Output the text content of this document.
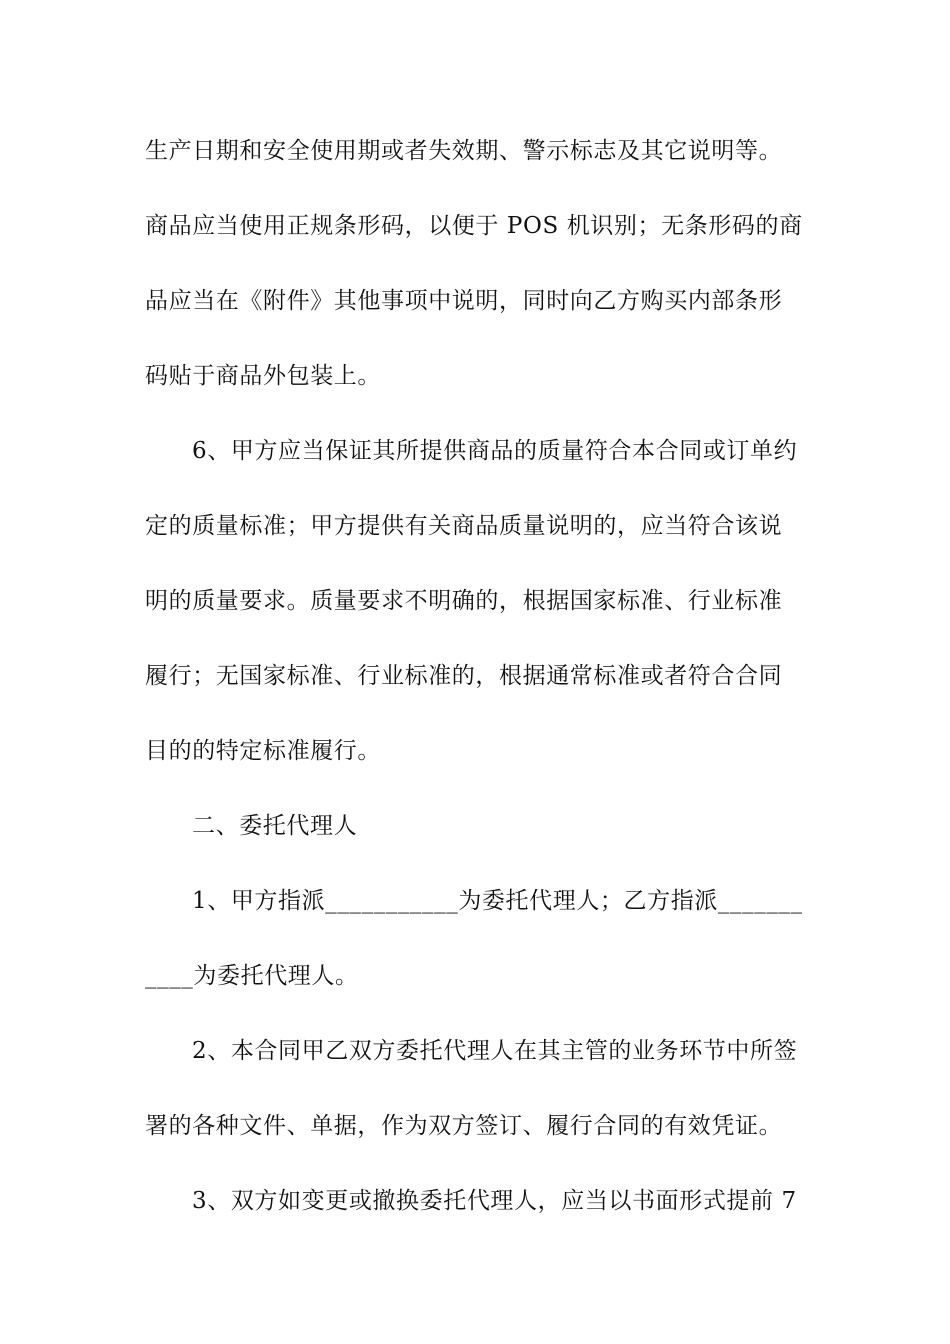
生产日期和安全使用期或者失效期、警示标志及其它说明等。
商品应当使用正规条形码，以便于 POS 机识别；无条形码的商
品应当在《附件》其他事项中说明，同时向乙方购买内部条形
码贴于商品外包装上。
6、甲方应当保证其所提供商品的质量符合本合同或订单约
定的质量标准；甲方提供有关商品质量说明的，应当符合该说
明的质量要求。质量要求不明确的，根据国家标准、行业标准
履行；无国家标准、行业标准的，根据通常标准或者符合合同
目的的特定标准履行。
二、委托代理人
1、甲方指派___________为委托代理人；乙方指派_______
____为委托代理人。
2、本合同甲乙双方委托代理人在其主管的业务环节中所签
署的各种文件、单据，作为双方签订、履行合同的有效凭证。
3、双方如变更或撤换委托代理人，应当以书面形式提前 7
